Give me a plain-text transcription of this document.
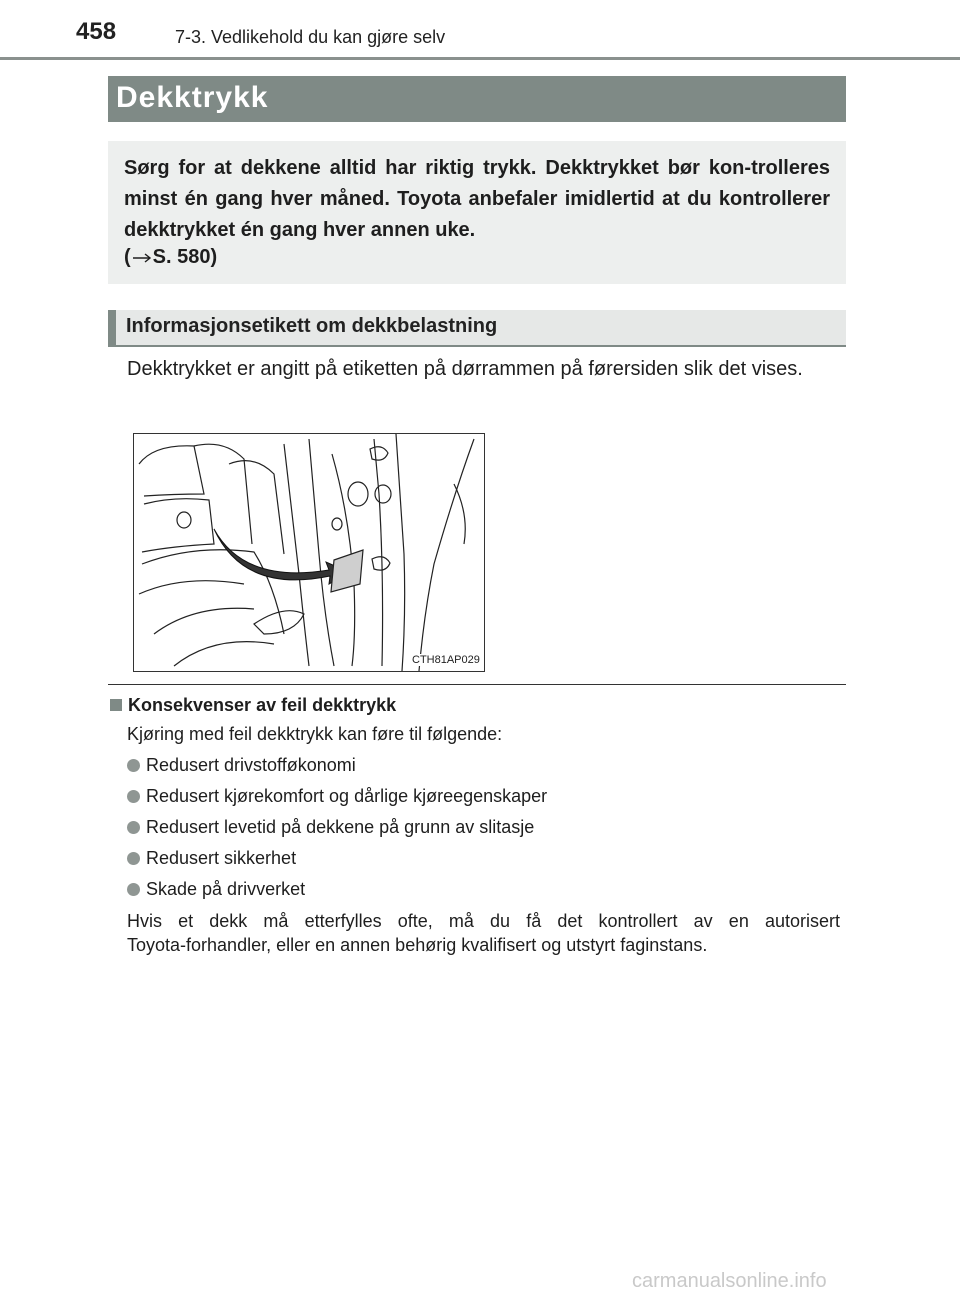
458	7-3. Vedlikehold du kan gjøre selv
Dekktrykk
Sørg for at dekkene alltid har riktig trykk. Dekktrykket bør kon-trolleres minst én gang hver måned. Toyota anbefaler imidlertid at du kontrollerer dekktrykket én gang hver annen uke.
( S. 580)
Informasjonsetikett om dekkbelastning
Dekktrykket er angitt på etiketten på dørrammen på førersiden slik det vises.
CTH81AP029
Konsekvenser av feil dekktrykk
Kjøring med feil dekktrykk kan føre til følgende:
Redusert drivstofføkonomi
Redusert kjørekomfort og dårlige kjøreegenskaper
Redusert levetid på dekkene på grunn av slitasje
Redusert sikkerhet
Skade på drivverket
Hvis et dekk må etterfylles ofte, må du få det kontrollert av en autorisert
Toyota-forhandler, eller en annen behørig kvalifisert og utstyrt faginstans.
carmanualsonline.info
